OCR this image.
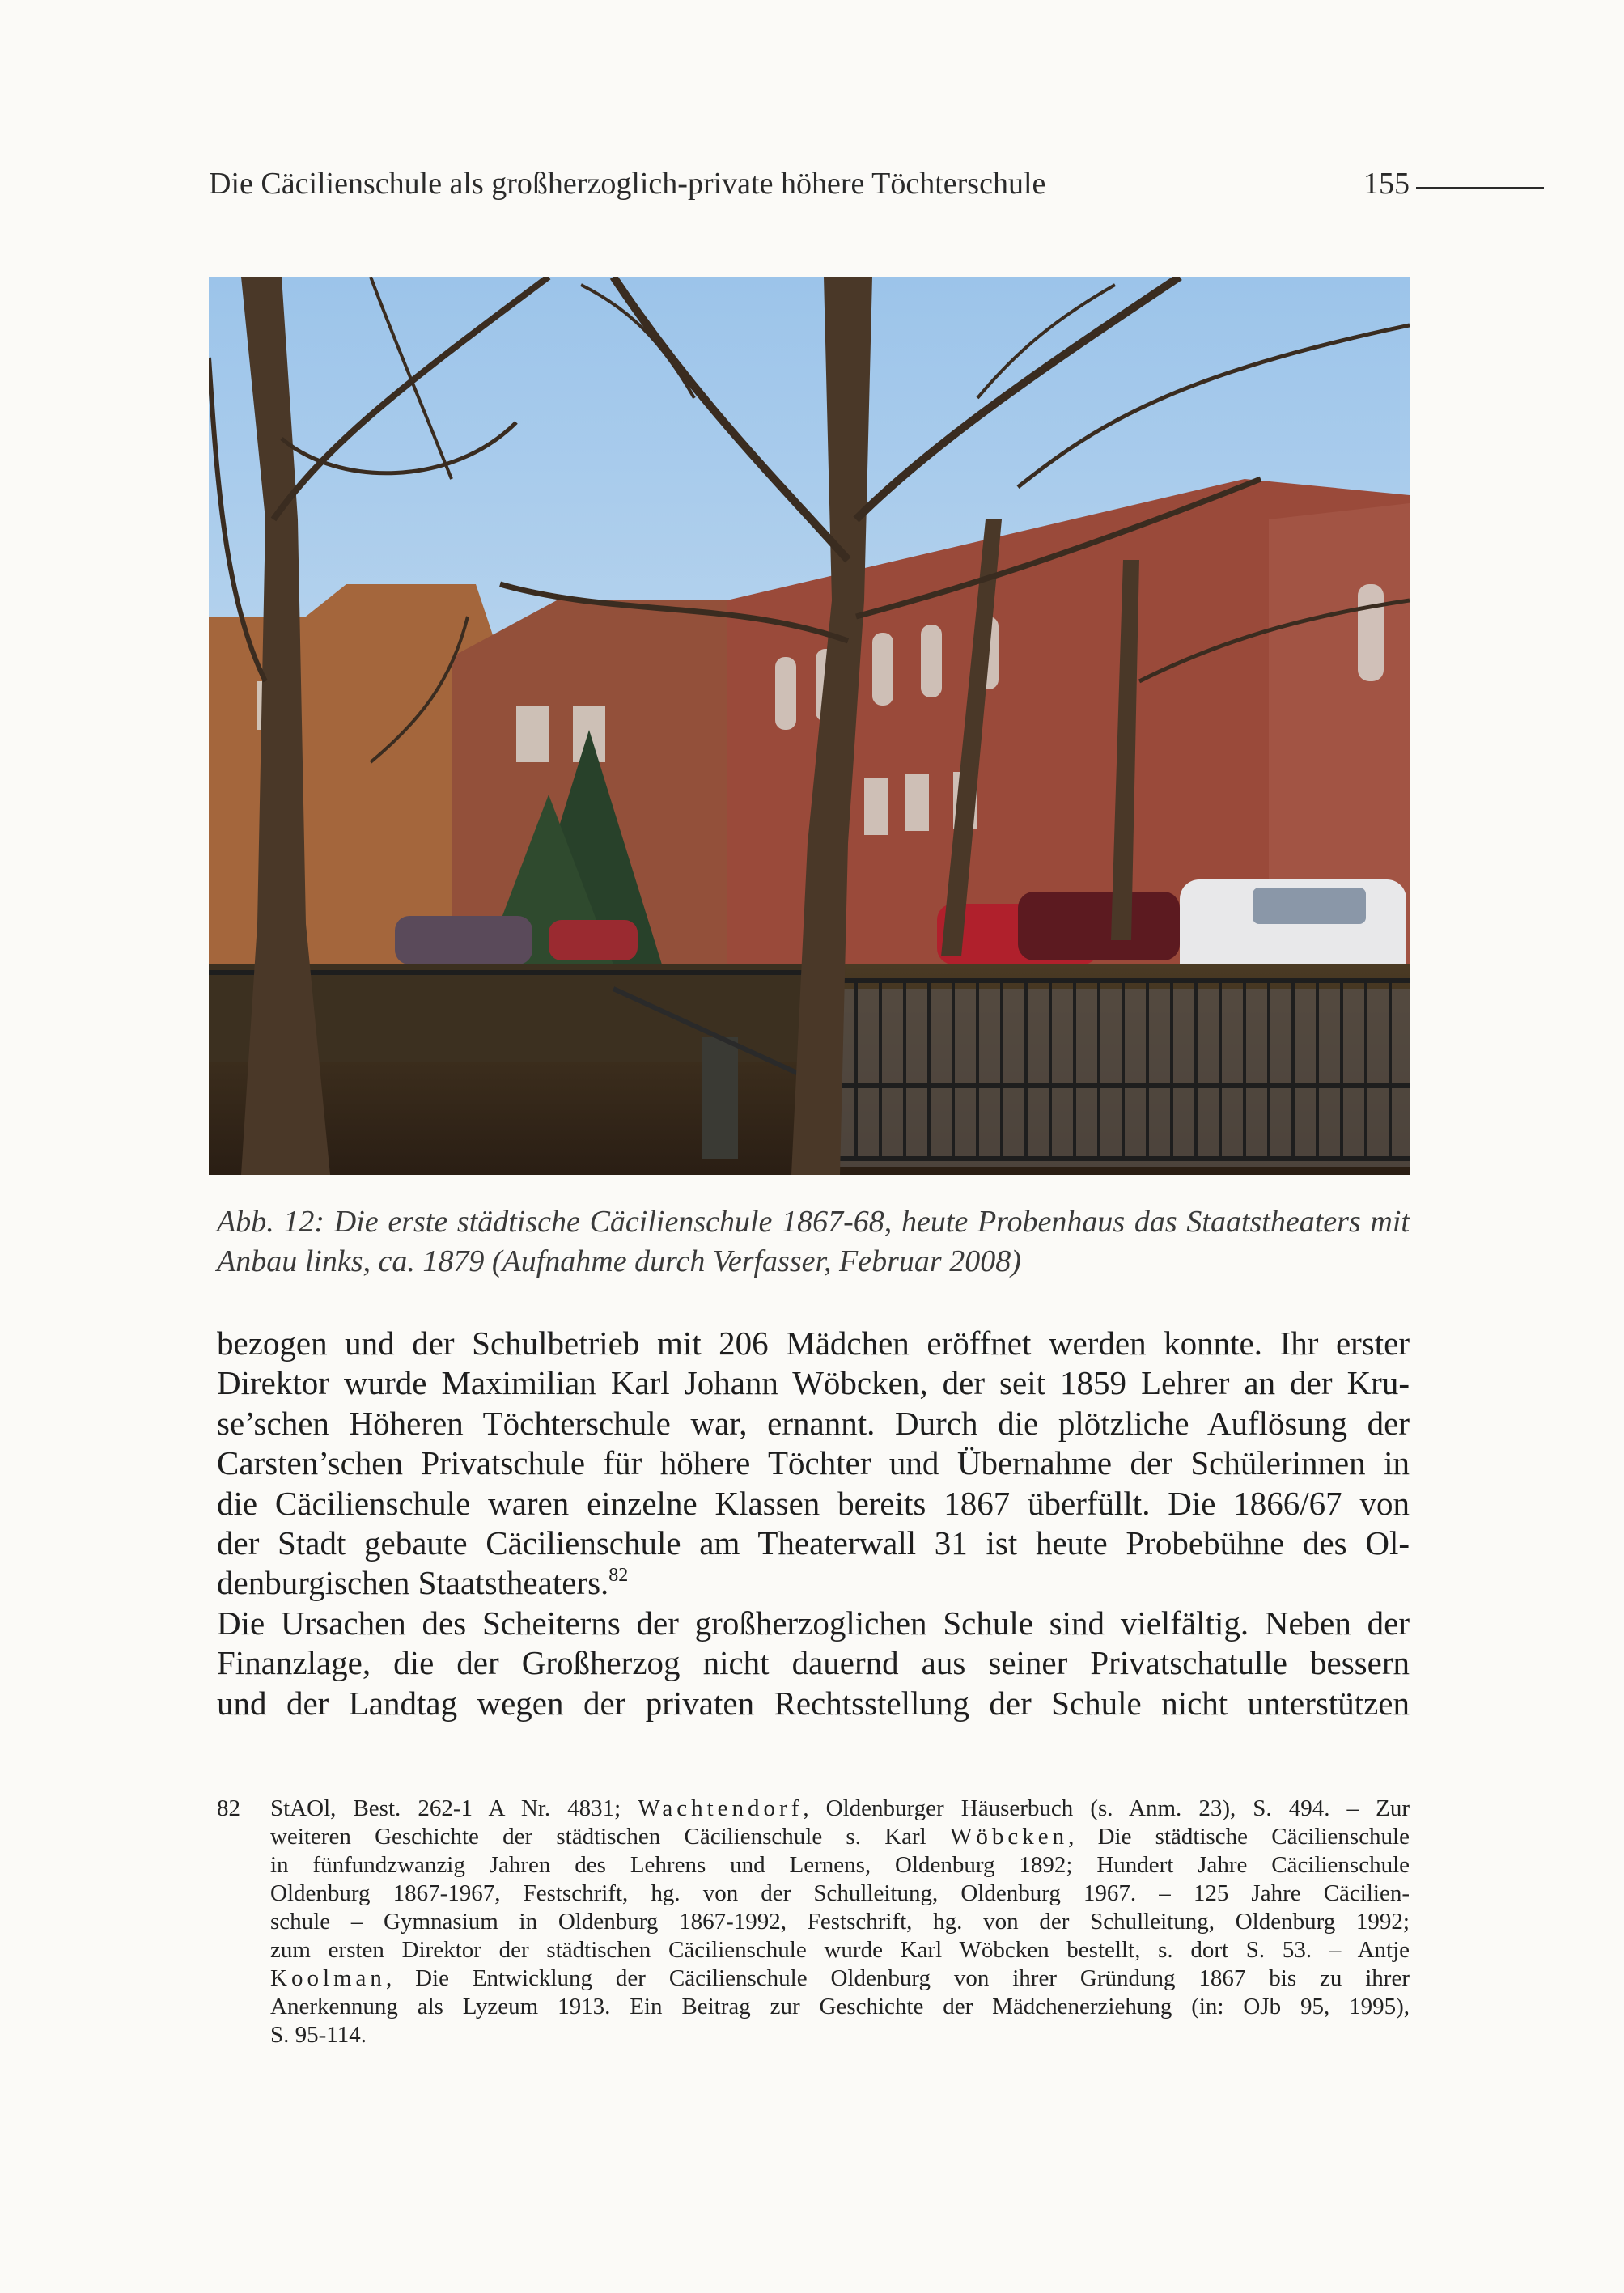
Die Cäcilienschule als großherzoglich-private höhere Töchterschule	155

Abb. 12: Die erste städtische Cäcilienschule 1867-68, heute Probenhaus das Staatstheaters mit

Anbau links, ca. 1879 (Aufnahme durch Verfasser, Februar 2008)

bezogen und der Schulbetrieb mit 206 Mädchen eröffnet werden konnte. Ihr erster
Direktor wurde Maximilian Karl Johann Wöbcken, der seit 1859 Lehrer an der Kru-
se’schen Höheren Töchterschule war, ernannt. Durch die plötzliche Auflösung der
Carsten’schen Privatschule für höhere Töchter und Übernahme der Schülerinnen in
die Cäcilienschule waren einzelne Klassen bereits 1867 überfüllt. Die 1866/67 von
der Stadt gebaute Cäcilienschule am Theaterwall 31 ist heute Probebühne des Ol-
denburgischen Staatstheaters.$^{82}$
Die Ursachen des Scheiterns der großherzoglichen Schule sind vielfältig. Neben der
Finanzlage, die der Großherzog nicht dauernd aus seiner Privatschatulle bessern
und der Landtag wegen der privaten Rechtsstellung der Schule nicht unterstützen
82 StAOl, Best. 262-1 A Nr. 4831; Wachtendorf, Oldenburger Häuserbuch (s. Anm. 23), S. 494. – Zur
weiteren Geschichte der städtischen Cäcilienschule s. Karl Wöbcken, Die städtische Cäcilienschule
in fünfundzwanzig Jahren des Lehrens und Lernens, Oldenburg 1892; Hundert Jahre Cäcilienschule
Oldenburg 1867-1967, Festschrift, hg. von der Schulleitung, Oldenburg 1967. – 125 Jahre Cäcilien-
schule – Gymnasium in Oldenburg 1867-1992, Festschrift, hg. von der Schulleitung, Oldenburg 1992;
zum ersten Direktor der städtischen Cäcilienschule wurde Karl Wöbcken bestellt, s. dort S. 53. – Antje
Koolman, Die Entwicklung der Cäcilienschule Oldenburg von ihrer Gründung 1867 bis zu ihrer
Anerkennung als Lyzeum 1913. Ein Beitrag zur Geschichte der Mädchenerziehung (in: OJb 95, 1995),
S. 95-114.
